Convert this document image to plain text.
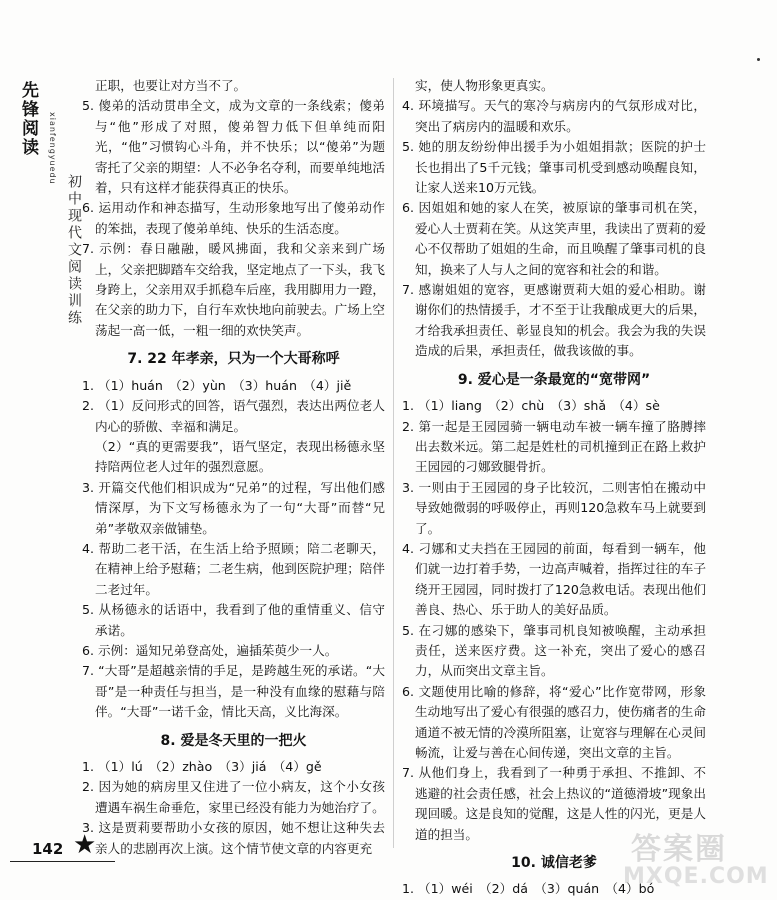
先锋
阅读	xianfengyuedu
初中现代文阅读训练

正职，也要让对方当不了。

5. 傻弟的活动贯串全文，成为文章的一条线索；傻弟与“他”形成了对照，傻弟智力低下但单纯而阳光，“他”习惯钩心斗角，并不快乐；以“傻弟”为题寄托了父亲的期望：人不必争名夺利，而要单纯地活着，只有这样才能获得真正的快乐。

6. 运用动作和神态描写，生动形象地写出了傻弟动作的笨拙，表现了傻弟单纯、快乐的生活态度。

7. 示例：春日融融，暖风拂面，我和父亲来到广场上，父亲把脚踏车交给我，坚定地点了一下头，我飞身跨上，父亲用双手抓稳车后座，我用脚用力一蹬，在父亲的助力下，自行车欢快地向前驶去。广场上空荡起一高一低，一粗一细的欢快笑声。

7. 22 年孝亲，只为一个大哥称呼

1. （1）huán　（2）yùn　（3）huán　（4）jiě

2. （1）反问形式的回答，语气强烈，表达出两位老人内心的骄傲、幸福和满足。

（2）“真的更需要我”，语气坚定，表现出杨德永坚持陪两位老人过年的强烈意愿。

3. 开篇交代他们相识成为“兄弟”的过程，写出他们感情深厚，为下文写杨德永为了一句“大哥”而替“兄弟”孝敬双亲做铺垫。

4. 帮助二老干活，在生活上给予照顾；陪二老聊天，在精神上给予慰藉；二老生病，他到医院护理；陪伴二老过年。

5. 从杨德永的话语中，我看到了他的重情重义、信守承诺。

6. 示例：遥知兄弟登高处，遍插茱萸少一人。

7. “大哥”是超越亲情的手足，是跨越生死的承诺。“大哥”是一种责任与担当，是一种没有血缘的慰藉与陪伴。“大哥”一诺千金，情比天高，义比海深。

8. 爱是冬天里的一把火

1. （1）lú　（2）zhào　（3）jiá　（4）gě

2. 因为她的病房里又住进了一位小病友，这个小女孩遭遇车祸生命垂危，家里已经没有能力为她治疗了。

3. 这是贾莉要帮助小女孩的原因，她不想让这种失去亲人的悲剧再次上演。这个情节使文章的内容更充

实，使人物形象更真实。

4. 环境描写。天气的寒冷与病房内的气氛形成对比，突出了病房内的温暖和欢乐。

5. 她的朋友纷纷伸出援手为小姐姐捐款；医院的护士长也捐出了5千元钱；肇事司机受到感动唤醒良知，让家人送来10万元钱。

6. 因姐姐和她的家人在笑，被原谅的肇事司机在笑，爱心人士贾莉在笑。从这笑声里，我读出了贾莉的爱心不仅帮助了姐姐的生命，而且唤醒了肇事司机的良知，换来了人与人之间的宽容和社会的和谐。

7. 感谢姐姐的宽容，更感谢贾莉大姐的爱心相助。谢谢你们的热情援手，才不至于让我酿成更大的后果，才给我承担责任、彰显良知的机会。我会为我的失误造成的后果，承担责任，做我该做的事。

9. 爱心是一条最宽的“宽带网”

1. （1）liang　（2）chù　（3）shǎ　（4）sè

2. 第一起是王园园骑一辆电动车被一辆车撞了胳膊摔出去数米远。第二起是姓杜的司机撞到正在路上救护王园园的刁娜致腿骨折。

3. 一则由于王园园的身子比较沉，二则害怕在搬动中导致她微弱的呼吸停止，再则120急救车马上就要到了。

4. 刁娜和丈夫挡在王园园的前面，每看到一辆车，他们就一边打着手势，一边高声喊着，指挥过往的车子绕开王园园，同时拨打了120急救电话。表现出他们善良、热心、乐于助人的美好品质。

5. 在刁娜的感染下，肇事司机良知被唤醒，主动承担责任，送来医疗费。这一补充，突出了爱心的感召力，从而突出文章主旨。

6. 文题使用比喻的修辞，将“爱心”比作宽带网，形象生动地写出了爱心有很强的感召力，使伤痛者的生命通道不被无情的冷漠所阻塞，让宽容与理解在心灵间畅流，让爱与善在心间传递，突出文章的主旨。

7. 从他们身上，我看到了一种勇于承担、不推卸、不逃避的社会责任感，社会上热议的“道德滑坡”现象出现回暖。这是良知的觉醒，这是人性的闪光，更是人道的担当。

10. 诚信老爹

1. （1）wéi　（2）dá　（3）quán　（4）bó

142 ★	答案圈
MXQE.COM
